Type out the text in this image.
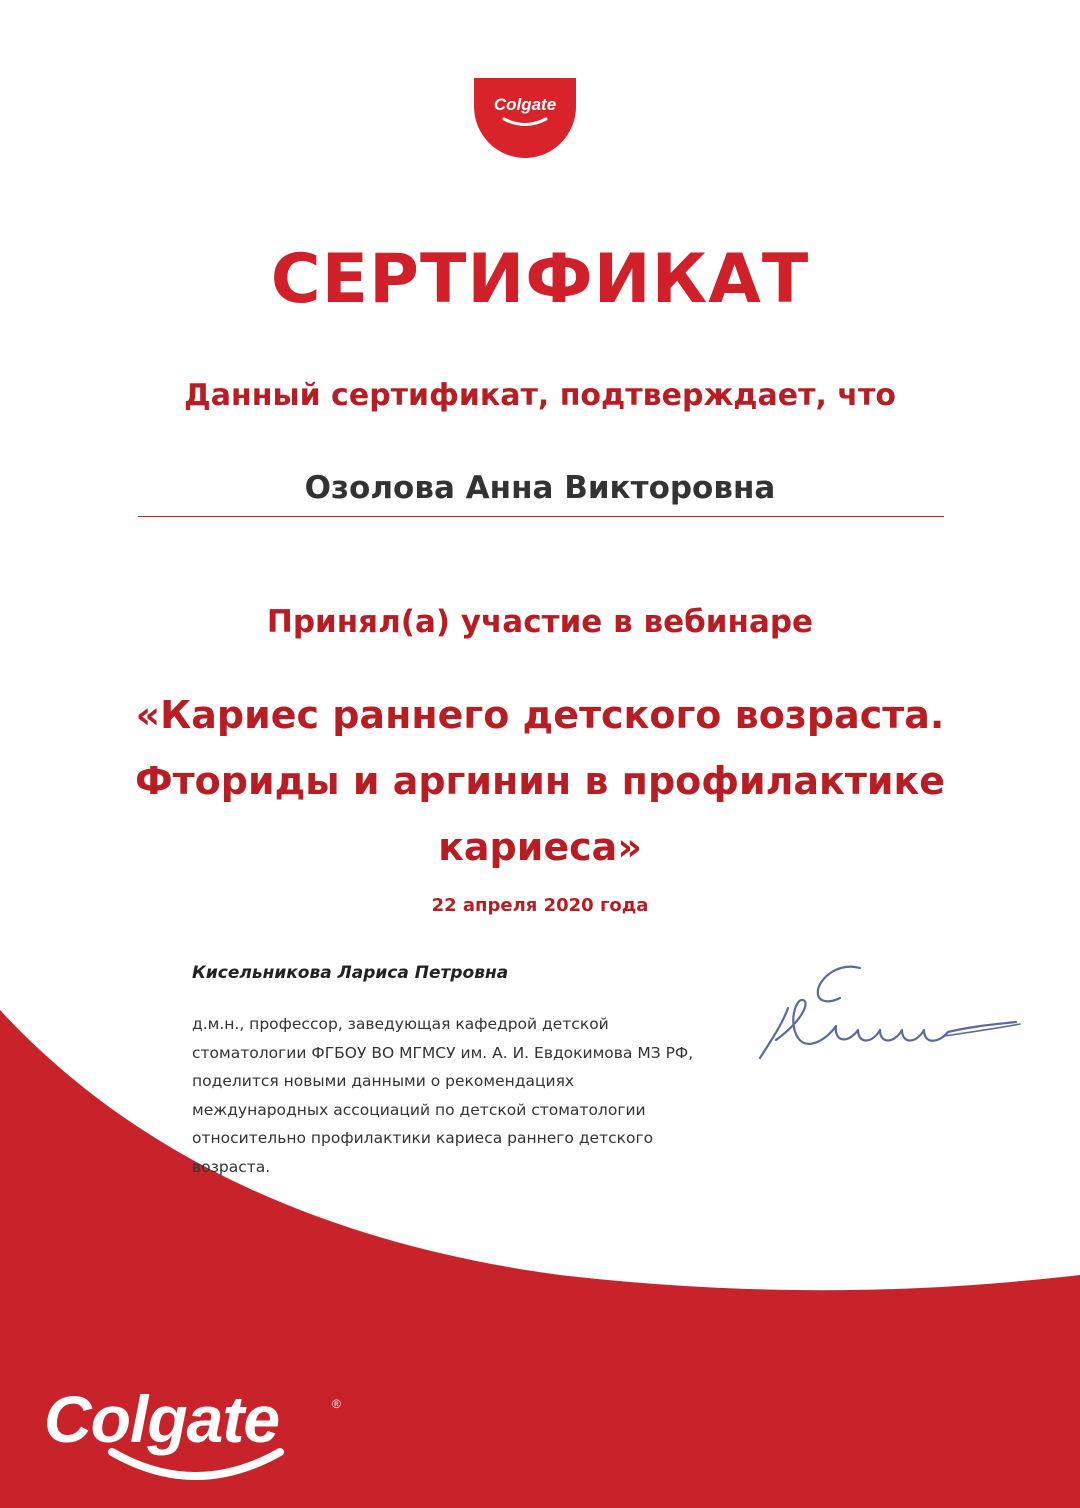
Colgate
СЕРТИФИКАТ
Данный сертификат, подтверждает, что
Озолова Анна Викторовна
Принял(а) участие в вебинаре
«Кариес раннего детского возраста. Фториды и аргинин в профилактике кариеса»
22 апреля 2020 года
Кисельникова Лариса Петровна
д.м.н., профессор, заведующая кафедрой детской стоматологии ФГБОУ ВО МГМСУ им. А. И. Евдокимова МЗ РФ, поделится новыми данными о рекомендациях международных ассоциаций по детской стоматологии относительно профилактики кариеса раннего детского возраста.
Colgate	®
